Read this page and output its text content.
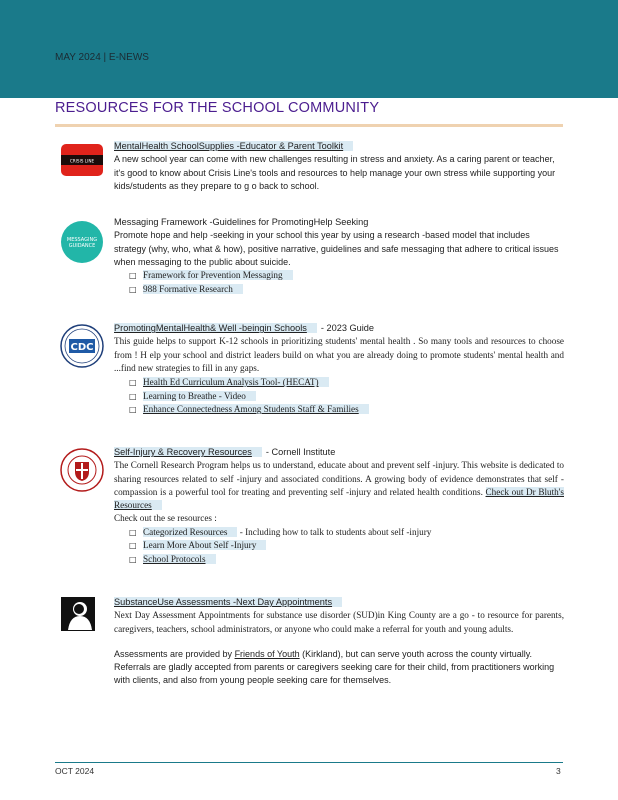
MAY 2024 | E-NEWS
RESOURCES FOR THE SCHOOL COMMUNITY
CRISIS LINE
MentalHealth SchoolSupplies -Educator & Parent Toolkit

A new school year can come with new challenges resulting in stress and anxiety. As a caring parent or teacher, it's good to know about Crisis Line's tools and resources to help manage your own stress while supporting your kids/students as they prepare to g o back to school.

MESSAGING
GUIDANCE
Messaging Framework -Guidelines for PromotingHelp Seeking

Promote hope and help -seeking in your school this year by using a research -based model that includes strategy (why, who, what & how), positive narrative, guidelines and safe messaging that adhere to critical issues when messaging to the public about suicide.

□ Framework for Prevention Messaging
□ 988 Formative Research
CDC
PromotingMentalHealth& Well -beingin Schools - 2023 Guide

This guide helps to support K-12 schools in prioritizing students' mental health . So many tools and resources to choose from ! H elp your school and district leaders build on what you are already doing to promote students' mental health and ...find new strategies to fill in any gaps.

□ Health Ed Curriculum Analysis Tool- (HECAT)
□ Learning to Breathe - Video
□ Enhance Connectedness Among Students Staff & Families
Self-Injury & Recovery Resources - Cornell Institute

The Cornell Research Program helps us to understand, educate about and prevent self -injury. This website is dedicated to sharing resources related to self -injury and associated conditions. A growing body of evidence demonstrates that self -compassion is a powerful tool for treating and preventing self -injury and related health conditions. Check out Dr Bluth's Resources

Check out the se resources :

□ Categorized Resources - Including how to talk to students about self -injury
□ Learn More About Self -Injury
□ School Protocols
SubstanceUse Assessments -Next Day Appointments

Next Day Assessment Appointments for substance use disorder (SUD)in King County are a go - to resource for parents, caregivers, teachers, school administrators, or anyone who could make a referral for youth and young adults.

Assessments are provided by Friends of Youth (Kirkland), but can serve youth across the county virtually. Referrals are gladly accepted from parents or caregivers seeking care for their child, from practitioners working with clients, and also from young people seeking care for themselves.

OCT 2024	3
